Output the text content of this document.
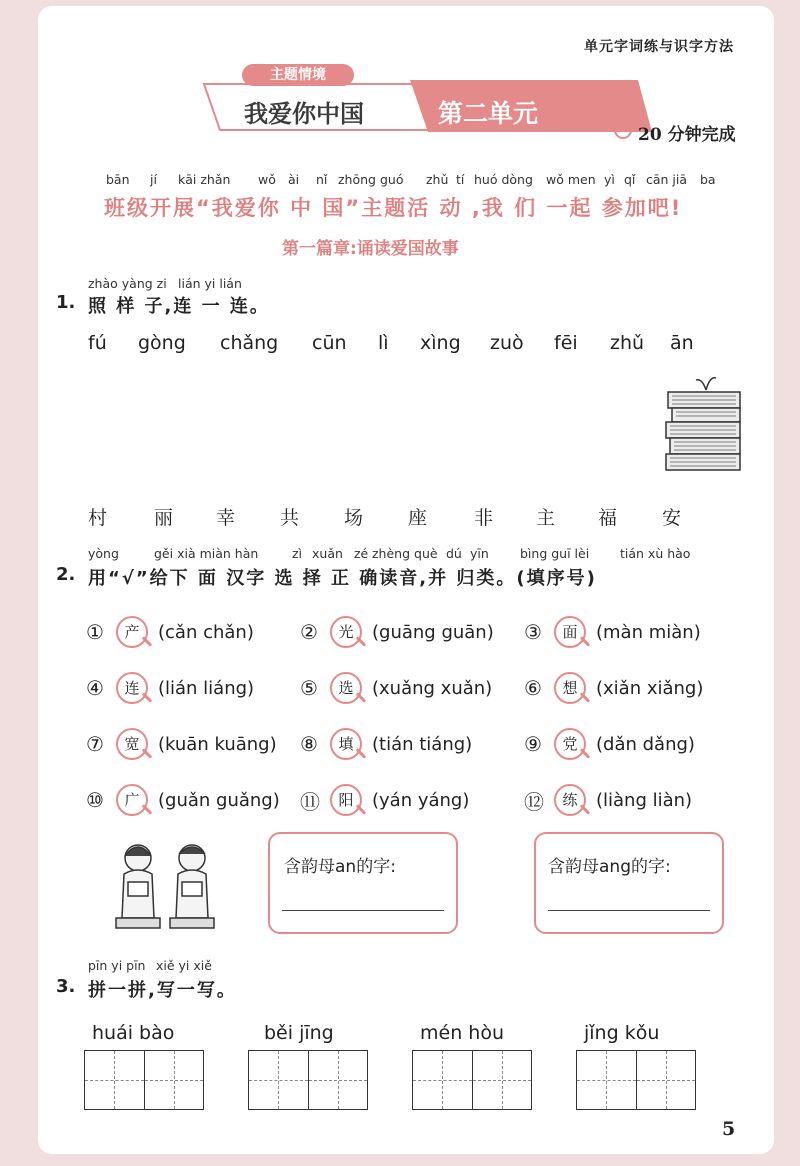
单元字词练与识字方法
主题情境
我爱你中国	第二单元
20 分钟完成
bān jí kāi zhǎn wǒ ài nǐ zhōng guó zhǔ tí huó dòng wǒ men yì qǐ cān jiā ba
班级开展“我爱你 中 国”主题活 动 ,我 们 一起 参加吧!
第一篇章:诵读爱国故事
zhào yàng zi lián yi lián
1. 照 样 子,连 一 连。
fú gòng chǎng cūn lì xìng zuò fēi zhǔ ān
村 丽 幸 共 场 座 非 主 福 安
yòng	gěi xià miàn hàn	zì xuǎn zé zhèng què dú yīn bìng guī lèi tián xù hào
2. 用“√”给下 面 汉字 选 择 正 确读音,并 归类。(填序号)
①	产	(cǎn chǎn) ②	光	(guāng guān) ③	面	(màn miàn)
④	连	(lián liáng) ⑤	选	(xuǎng xuǎn) ⑥	想	(xiǎn xiǎng)
⑦	宽	(kuān kuāng) ⑧	填	(tián tiáng)	⑨	党	(dǎn dǎng)
⑩	广	(guǎn guǎng) ⑪	阳	(yán yáng)	⑫	练	(liàng liàn)
含韵母an的字:	含韵母ang的字:
pīn yi pīn xiě yi xiě
3. 拼一拼,写一写。
huái bào	běi jīng	mén hòu	jǐng kǒu
5
